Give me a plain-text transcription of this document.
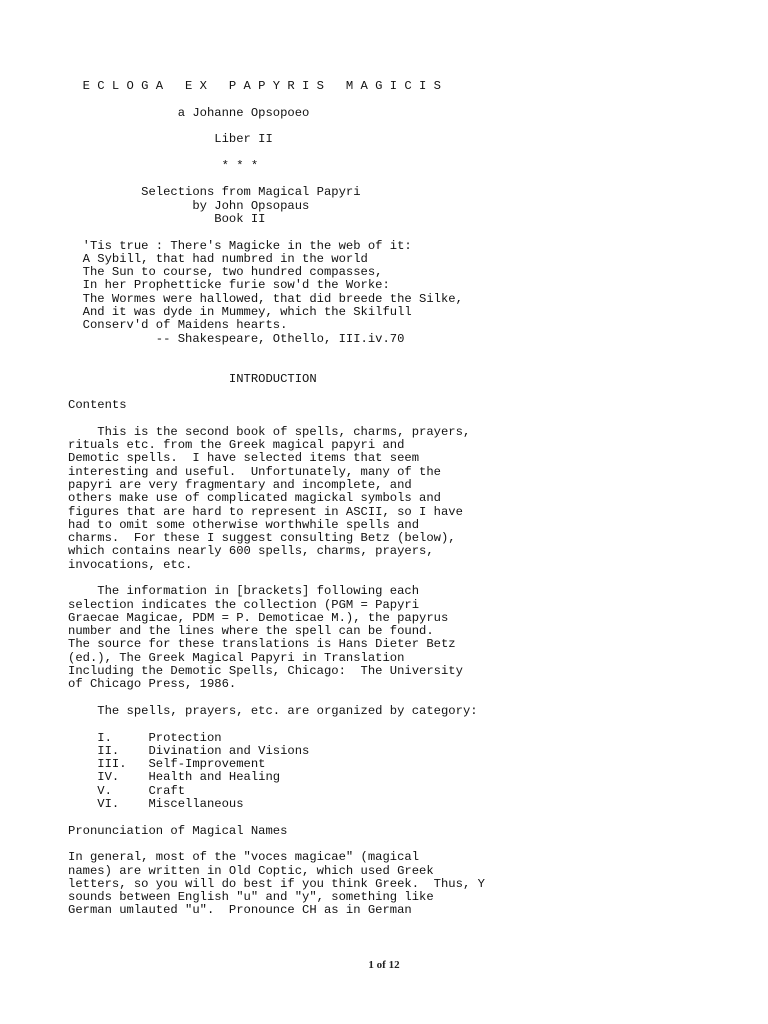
E C L O G A   E X   P A P Y R I S   M A G I C I S
a Johanne Opsopoeo
Liber II
* * *
Selections from Magical Papyri
by John Opsopaus
Book II
'Tis true : There's Magicke in the web of it:
A Sybill, that had numbred in the world
The Sun to course, two hundred compasses,
In her Prophetticke furie sow'd the Worke:
The Wormes were hallowed, that did breede the Silke,
And it was dyde in Mummey, which the Skilfull
Conserv'd of Maidens hearts.
-- Shakespeare, Othello, III.iv.70
INTRODUCTION
Contents
This is the second book of spells, charms, prayers,
rituals etc. from the Greek magical papyri and
Demotic spells.  I have selected items that seem
interesting and useful.  Unfortunately, many of the
papyri are very fragmentary and incomplete, and
others make use of complicated magickal symbols and
figures that are hard to represent in ASCII, so I have
had to omit some otherwise worthwhile spells and
charms.  For these I suggest consulting Betz (below),
which contains nearly 600 spells, charms, prayers,
invocations, etc.
The information in [brackets] following each
selection indicates the collection (PGM = Papyri
Graecae Magicae, PDM = P. Demoticae M.), the papyrus
number and the lines where the spell can be found.
The source for these translations is Hans Dieter Betz
(ed.), The Greek Magical Papyri in Translation
Including the Demotic Spells, Chicago:  The University
of Chicago Press, 1986.
The spells, prayers, etc. are organized by category:
I.     Protection
II.    Divination and Visions
III.   Self-Improvement
IV.    Health and Healing
V.     Craft
VI.    Miscellaneous
Pronunciation of Magical Names
In general, most of the "voces magicae" (magical
names) are written in Old Coptic, which used Greek
letters, so you will do best if you think Greek.  Thus, Y
sounds between English "u" and "y", something like
German umlauted "u".  Pronounce CH as in German
1 of 12
